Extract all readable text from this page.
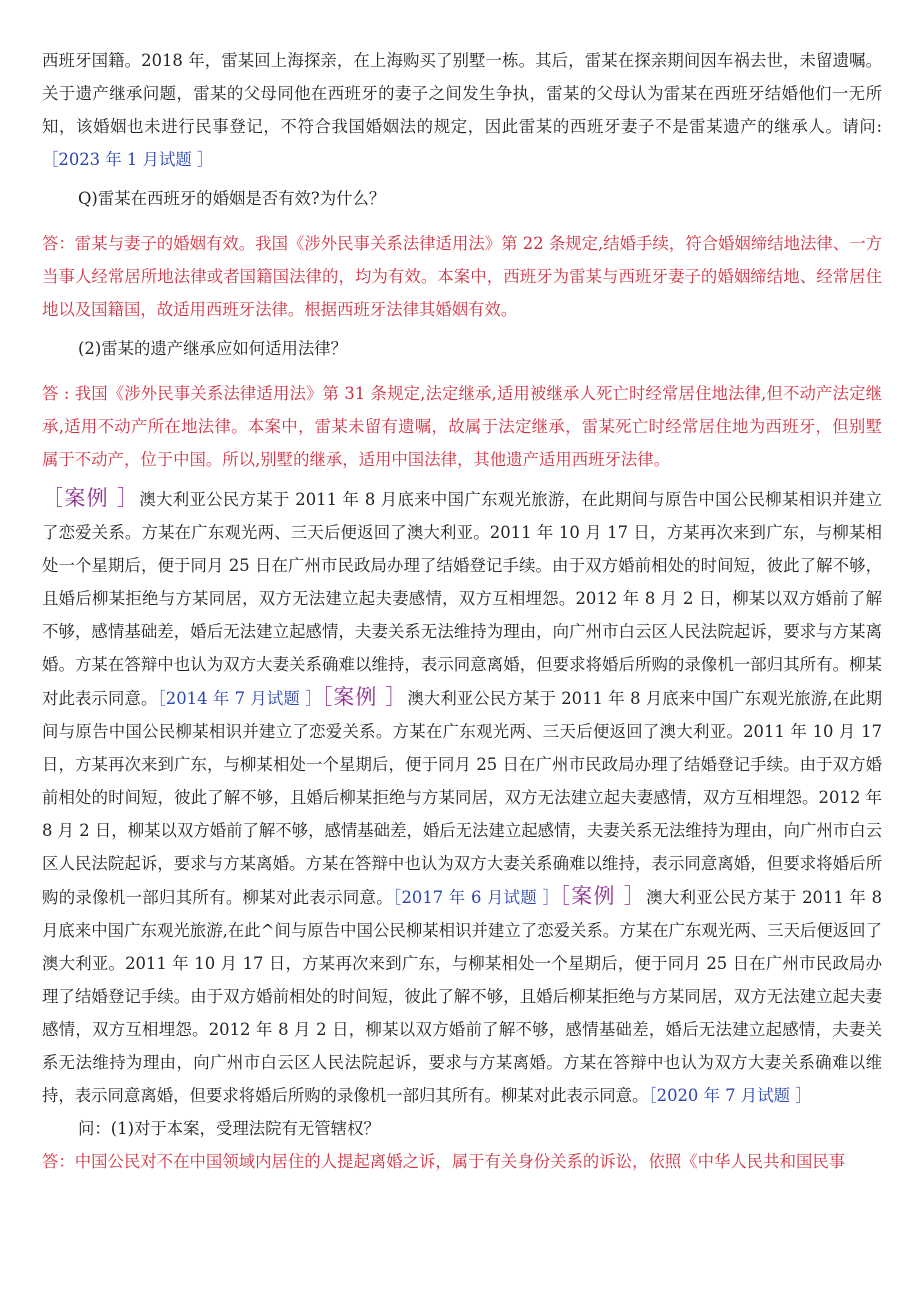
西班牙国籍。2018 年，雷某回上海探亲，在上海购买了别墅一栋。其后，雷某在探亲期间因车祸去世，未留遗嘱。关于遗产继承问题，雷某的父母同他在西班牙的妻子之间发生争执，雷某的父母认为雷某在西班牙结婚他们一无所知，该婚姻也未进行民事登记，不符合我国婚姻法的规定，因此雷某的西班牙妻子不是雷某遗产的继承人。请问:［2023 年 1 月试题 ］

Q)雷某在西班牙的婚姻是否有效?为什么？

答：雷某与妻子的婚姻有效。我国《涉外民事关系法律适用法》第 22 条规定,结婚手续，符合婚姻缔结地法律、一方当事人经常居所地法律或者国籍国法律的，均为有效。本案中，西班牙为雷某与西班牙妻子的婚姻缔结地、经常居住地以及国籍国，故适用西班牙法律。根据西班牙法律其婚姻有效。

(2)雷某的遗产继承应如何适用法律？

答 : 我国《涉外民事关系法律适用法》第 31 条规定,法定继承,适用被继承人死亡时经常居住地法律,但不动产法定继承,适用不动产所在地法律。本案中，雷某未留有遗嘱，故属于法定继承，雷某死亡时经常居住地为西班牙，但别墅属于不动产，位于中国。所以,别墅的继承，适用中国法律，其他遗产适用西班牙法律。

［案例 ］澳大利亚公民方某于 2011 年 8 月底来中国广东观光旅游，在此期间与原告中国公民柳某相识并建立了恋爱关系。方某在广东观光两、三天后便返回了澳大利亚。2011 年 10 月 17 日，方某再次来到广东，与柳某相处一个星期后，便于同月 25 日在广州市民政局办理了结婚登记手续。由于双方婚前相处的时间短，彼此了解不够，且婚后柳某拒绝与方某同居，双方无法建立起夫妻感情，双方互相埋怨。2012 年 8 月 2 日，柳某以双方婚前了解不够，感情基础差，婚后无法建立起感情，夫妻关系无法维持为理由，向广州市白云区人民法院起诉，要求与方某离婚。方某在答辩中也认为双方大妻关系确难以维持，表示同意离婚，但要求将婚后所购的录像机一部归其所有。柳某对此表示同意。［2014 年 7 月试题 ］［案例 ］澳大利亚公民方某于 2011 年 8 月底来中国广东观光旅游,在此期间与原告中国公民柳某相识并建立了恋爱关系。方某在广东观光两、三天后便返回了澳大利亚。2011 年 10 月 17 日，方某再次来到广东，与柳某相处一个星期后，便于同月 25 日在广州市民政局办理了结婚登记手续。由于双方婚前相处的时间短，彼此了解不够，且婚后柳某拒绝与方某同居，双方无法建立起夫妻感情，双方互相埋怨。2012 年 8 月 2 日，柳某以双方婚前了解不够，感情基础差，婚后无法建立起感情，夫妻关系无法维持为理由，向广州市白云区人民法院起诉，要求与方某离婚。方某在答辩中也认为双方大妻关系确难以维持，表示同意离婚，但要求将婚后所购的录像机一部归其所有。柳某对此表示同意。［2017 年 6 月试题 ］［案例 ］澳大利亚公民方某于 2011 年 8 月底来中国广东观光旅游,在此^间与原告中国公民柳某相识并建立了恋爱关系。方某在广东观光两、三天后便返回了澳大利亚。2011 年 10 月 17 日，方某再次来到广东，与柳某相处一个星期后，便于同月 25 日在广州市民政局办理了结婚登记手续。由于双方婚前相处的时间短，彼此了解不够，且婚后柳某拒绝与方某同居，双方无法建立起夫妻感情，双方互相埋怨。2012 年 8 月 2 日，柳某以双方婚前了解不够，感情基础差，婚后无法建立起感情，夫妻关系无法维持为理由，向广州市白云区人民法院起诉，要求与方某离婚。方某在答辩中也认为双方大妻关系确难以维持，表示同意离婚，但要求将婚后所购的录像机一部归其所有。柳某对此表示同意。［2020 年 7 月试题 ］

问：(1)对于本案，受理法院有无管辖权？

答：中国公民对不在中国领域内居住的人提起离婚之诉，属于有关身份关系的诉讼，依照《中华人民共和国民事
